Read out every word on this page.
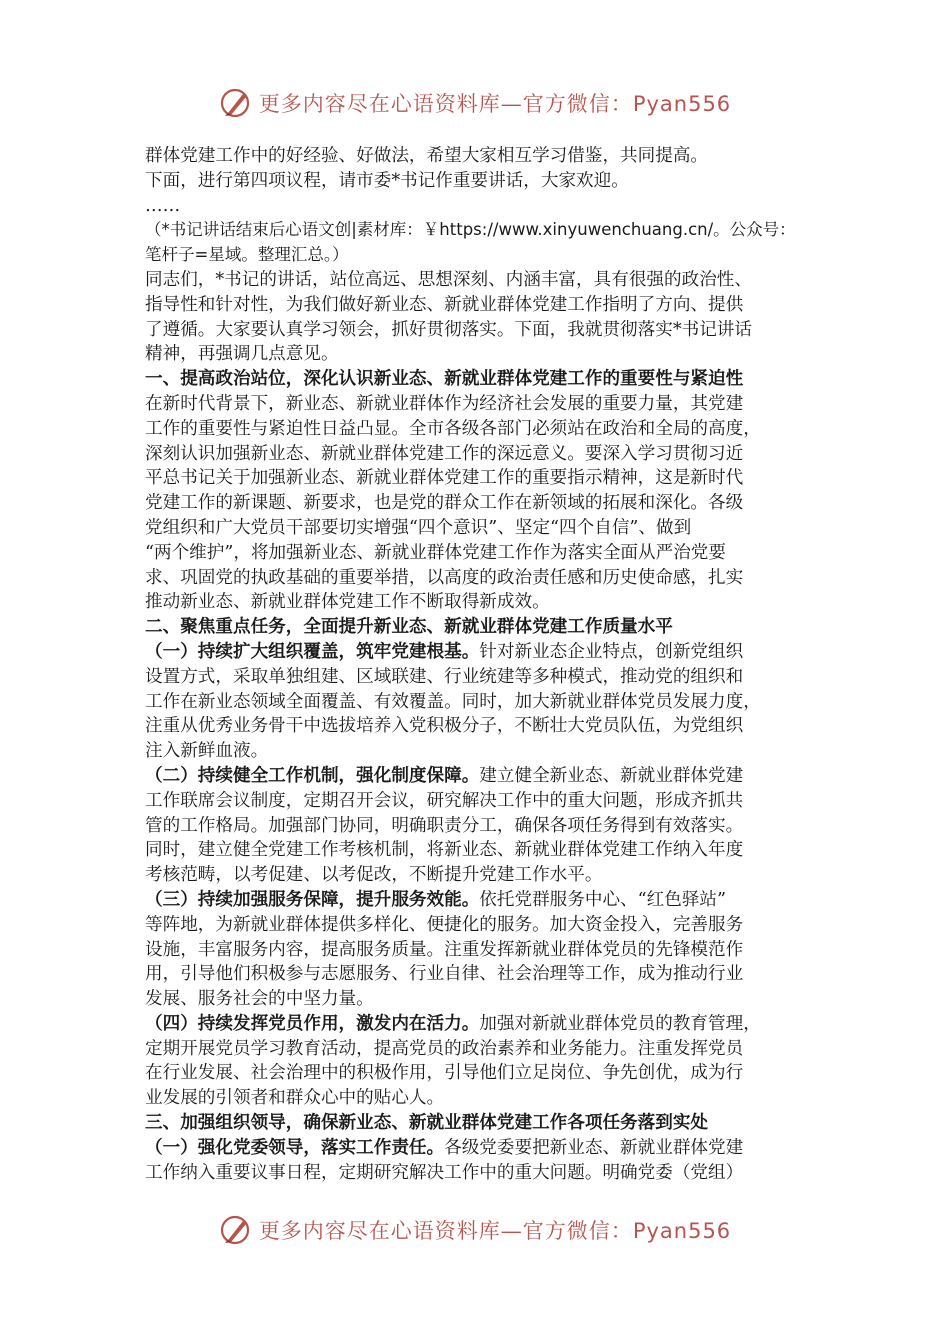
更多内容尽在心语资料库—官方微信：Pyan556
群体党建工作中的好经验、好做法，希望大家相互学习借鉴，共同提高。
下面，进行第四项议程，请市委*书记作重要讲话，大家欢迎。
……
（*书记讲话结束后心语文创|素材库：￥https://www.xinyuwenchuang.cn/。公众号：
笔杆子=星域。整理汇总。）
同志们，*书记的讲话，站位高远、思想深刻、内涵丰富，具有很强的政治性、
指导性和针对性，为我们做好新业态、新就业群体党建工作指明了方向、提供
了遵循。大家要认真学习领会，抓好贯彻落实。下面，我就贯彻落实*书记讲话
精神，再强调几点意见。
一、提高政治站位，深化认识新业态、新就业群体党建工作的重要性与紧迫性
在新时代背景下，新业态、新就业群体作为经济社会发展的重要力量，其党建
工作的重要性与紧迫性日益凸显。全市各级各部门必须站在政治和全局的高度，
深刻认识加强新业态、新就业群体党建工作的深远意义。要深入学习贯彻习近
平总书记关于加强新业态、新就业群体党建工作的重要指示精神，这是新时代
党建工作的新课题、新要求，也是党的群众工作在新领域的拓展和深化。各级
党组织和广大党员干部要切实增强“四个意识”、坚定“四个自信”、做到
“两个维护”，将加强新业态、新就业群体党建工作作为落实全面从严治党要
求、巩固党的执政基础的重要举措，以高度的政治责任感和历史使命感，扎实
推动新业态、新就业群体党建工作不断取得新成效。
二、聚焦重点任务，全面提升新业态、新就业群体党建工作质量水平
（一）持续扩大组织覆盖，筑牢党建根基。针对新业态企业特点，创新党组织
设置方式，采取单独组建、区域联建、行业统建等多种模式，推动党的组织和
工作在新业态领域全面覆盖、有效覆盖。同时，加大新就业群体党员发展力度，
注重从优秀业务骨干中选拔培养入党积极分子，不断壮大党员队伍，为党组织
注入新鲜血液。
（二）持续健全工作机制，强化制度保障。建立健全新业态、新就业群体党建
工作联席会议制度，定期召开会议，研究解决工作中的重大问题，形成齐抓共
管的工作格局。加强部门协同，明确职责分工，确保各项任务得到有效落实。
同时，建立健全党建工作考核机制，将新业态、新就业群体党建工作纳入年度
考核范畴，以考促建、以考促改，不断提升党建工作水平。
（三）持续加强服务保障，提升服务效能。依托党群服务中心、“红色驿站”
等阵地，为新就业群体提供多样化、便捷化的服务。加大资金投入，完善服务
设施，丰富服务内容，提高服务质量。注重发挥新就业群体党员的先锋模范作
用，引导他们积极参与志愿服务、行业自律、社会治理等工作，成为推动行业
发展、服务社会的中坚力量。
（四）持续发挥党员作用，激发内在活力。加强对新就业群体党员的教育管理，
定期开展党员学习教育活动，提高党员的政治素养和业务能力。注重发挥党员
在行业发展、社会治理中的积极作用，引导他们立足岗位、争先创优，成为行
业发展的引领者和群众心中的贴心人。
三、加强组织领导，确保新业态、新就业群体党建工作各项任务落到实处
（一）强化党委领导，落实工作责任。各级党委要把新业态、新就业群体党建
工作纳入重要议事日程，定期研究解决工作中的重大问题。明确党委（党组）
更多内容尽在心语资料库—官方微信：Pyan556
